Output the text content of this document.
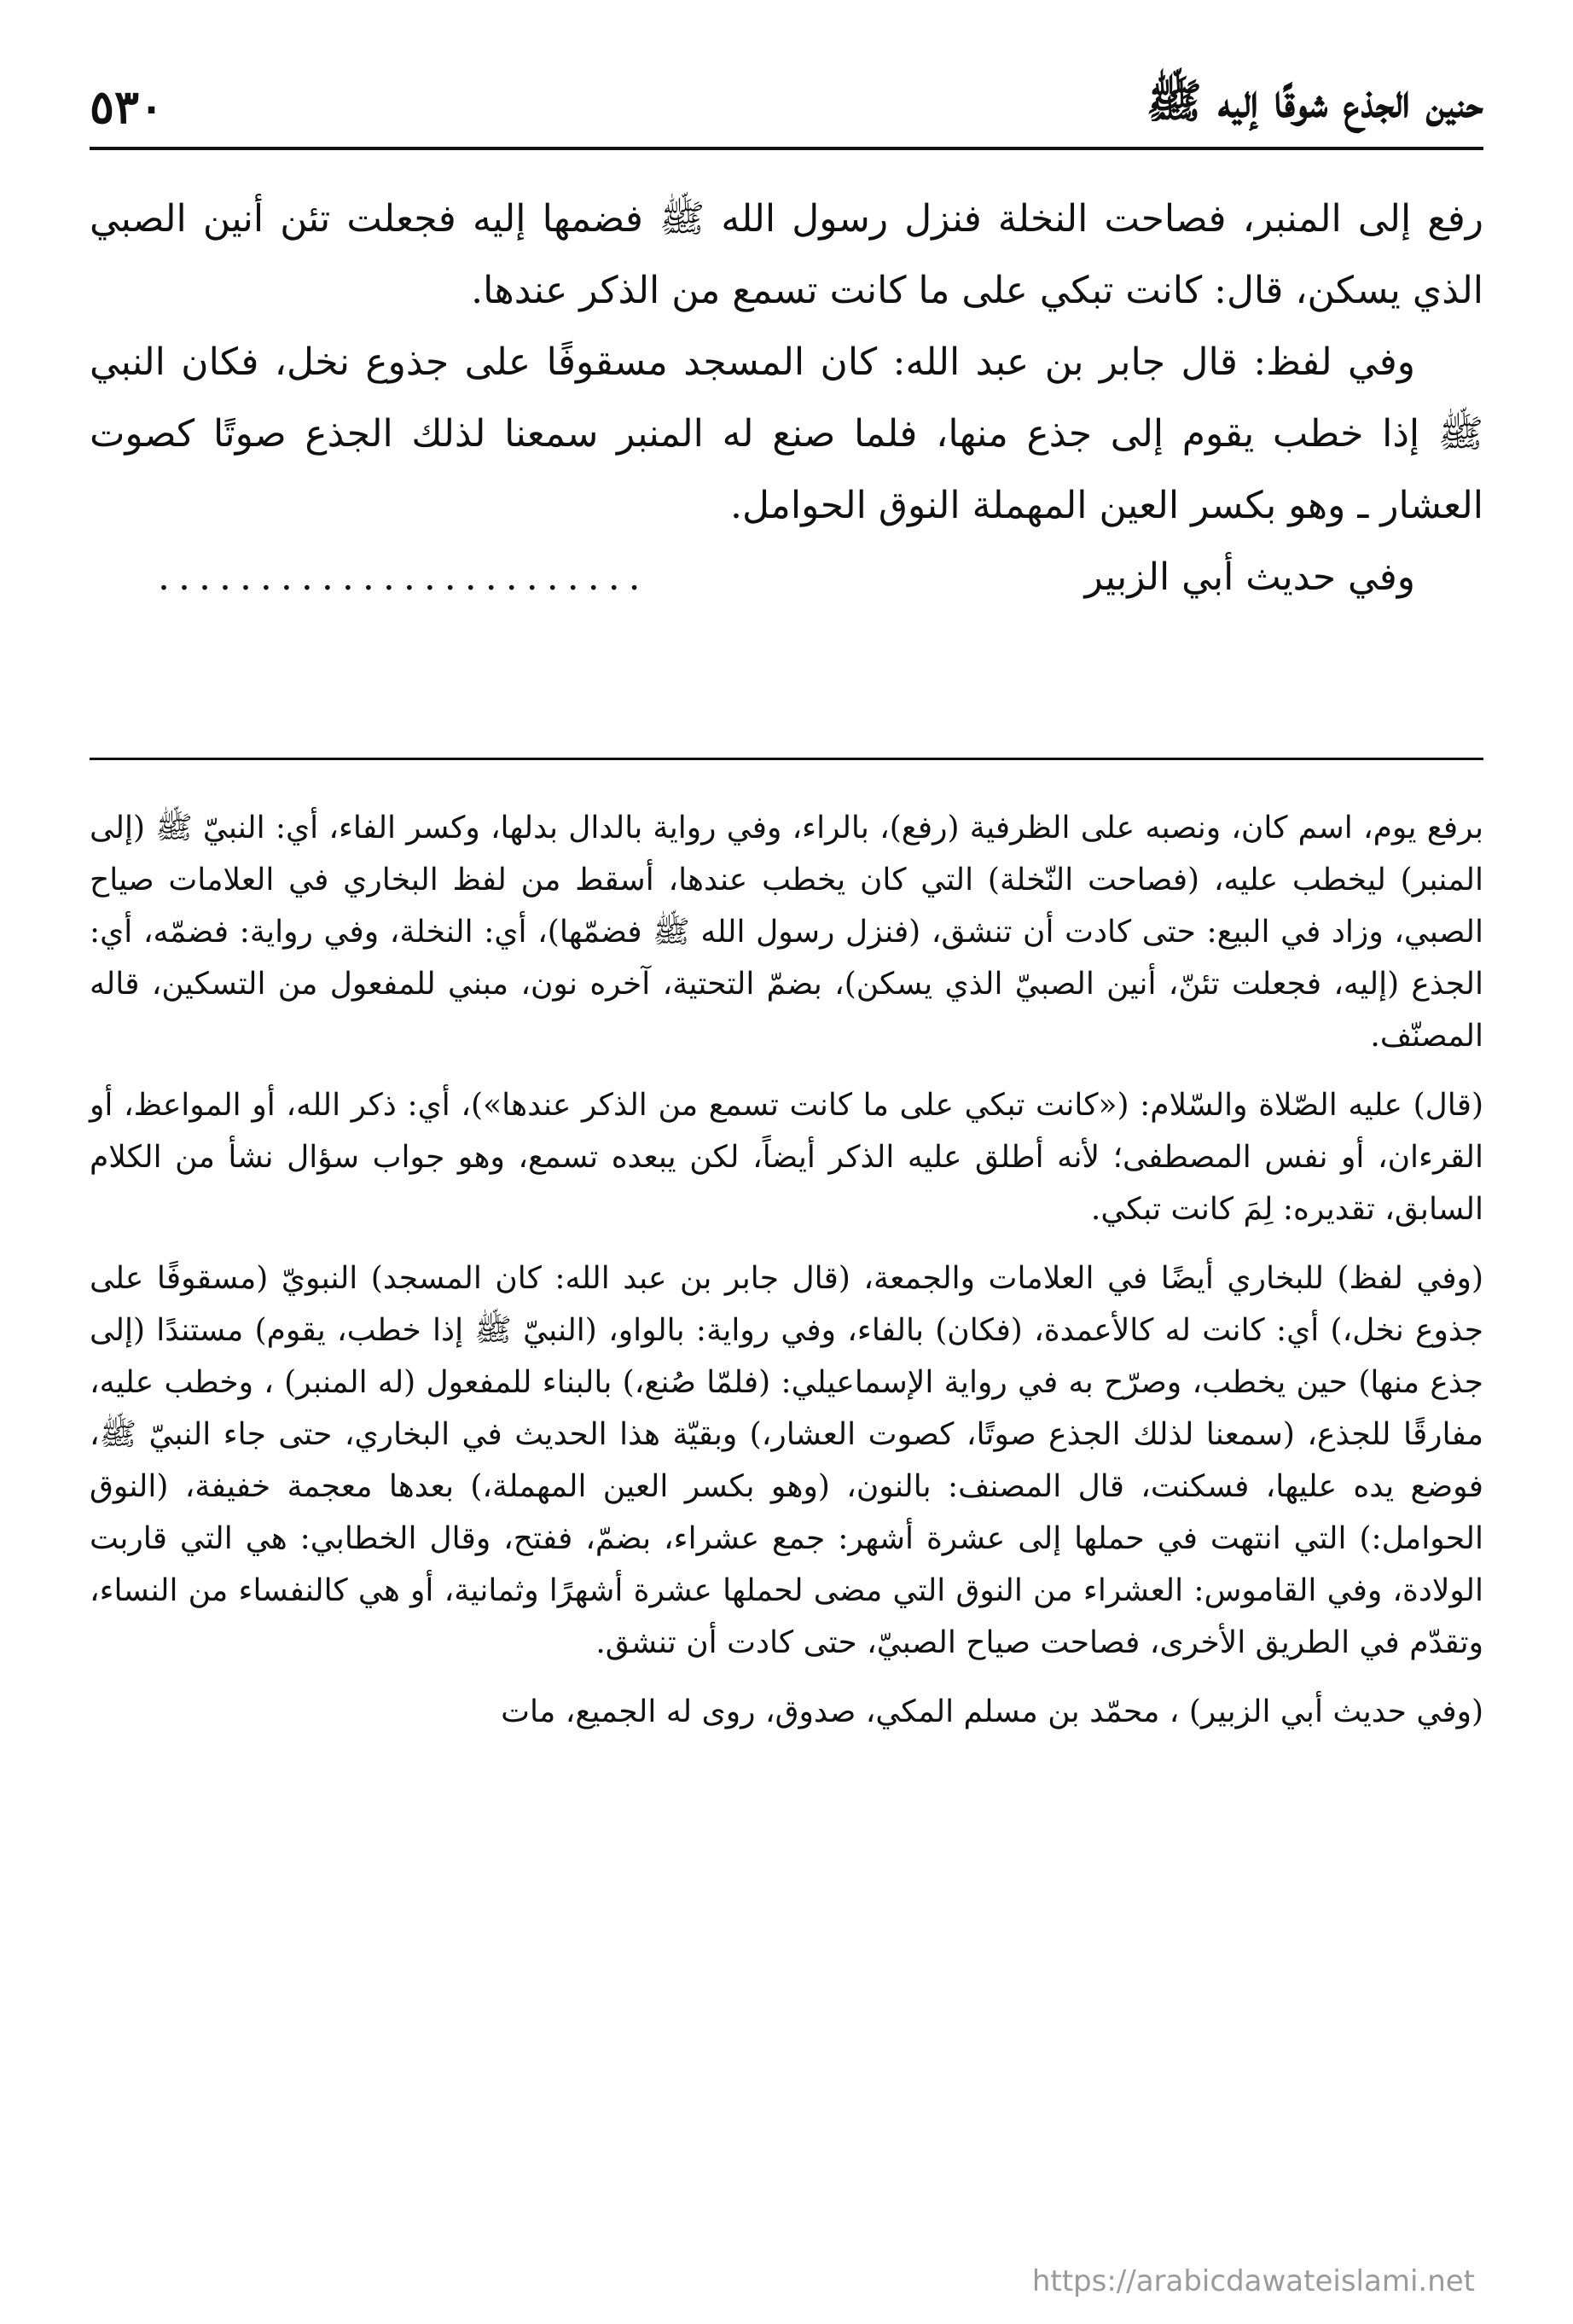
حنين الجذع شوقًا إليه ﷺ
٥٣٠

رفع إلى المنبر، فصاحت النخلة فنزل رسول الله ﷺ فضمها إليه فجعلت تئن أنين الصبي الذي يسكن، قال: كانت تبكي على ما كانت تسمع من الذكر عندها.

وفي لفظ: قال جابر بن عبد الله: كان المسجد مسقوفًا على جذوع نخل، فكان النبي ﷺ إذا خطب يقوم إلى جذع منها، فلما صنع له المنبر سمعنا لذلك الجذع صوتًا كصوت العشار ـ وهو بكسر العين المهملة النوق الحوامل.

وفي حديث أبي الزبير
........................

برفع يوم، اسم كان، ونصبه على الظرفية (رفع)، بالراء، وفي رواية بالدال بدلها، وكسر الفاء، أي: النبيّ ﷺ (إلى المنبر) ليخطب عليه، (فصاحت النّخلة) التي كان يخطب عندها، أسقط من لفظ البخاري في العلامات صياح الصبي، وزاد في البيع: حتى كادت أن تنشق، (فنزل رسول الله ﷺ فضمّها)، أي: النخلة، وفي رواية: فضمّه، أي: الجذع (إليه، فجعلت تئنّ، أنين الصبيّ الذي يسكن)، بضمّ التحتية، آخره نون، مبني للمفعول من التسكين، قاله المصنّف.

(قال) عليه الصّلاة والسّلام: («كانت تبكي على ما كانت تسمع من الذكر عندها»)، أي: ذكر الله، أو المواعظ، أو القرءان، أو نفس المصطفى؛ لأنه أطلق عليه الذكر أيضاً، لكن يبعده تسمع، وهو جواب سؤال نشأ من الكلام السابق، تقديره: لِمَ كانت تبكي.

(وفي لفظ) للبخاري أيضًا في العلامات والجمعة، (قال جابر بن عبد الله: كان المسجد) النبويّ (مسقوفًا على جذوع نخل،) أي: كانت له كالأعمدة، (فكان) بالفاء، وفي رواية: بالواو، (النبيّ ﷺ إذا خطب، يقوم) مستندًا (إلى جذع منها) حين يخطب، وصرّح به في رواية الإسماعيلي: (فلمّا صُنع،) بالبناء للمفعول (له المنبر) ، وخطب عليه، مفارقًا للجذع، (سمعنا لذلك الجذع صوتًا، كصوت العشار،) وبقيّة هذا الحديث في البخاري، حتى جاء النبيّ ﷺ، فوضع يده عليها، فسكنت، قال المصنف: بالنون، (وهو بكسر العين المهملة،) بعدها معجمة خفيفة، (النوق الحوامل:) التي انتهت في حملها إلى عشرة أشهر: جمع عشراء، بضمّ، ففتح، وقال الخطابي: هي التي قاربت الولادة، وفي القاموس: العشراء من النوق التي مضى لحملها عشرة أشهرًا وثمانية، أو هي كالنفساء من النساء، وتقدّم في الطريق الأخرى، فصاحت صياح الصبيّ، حتى كادت أن تنشق.

(وفي حديث أبي الزبير) ، محمّد بن مسلم المكي، صدوق، روى له الجميع، مات

https://arabicdawateislami.net
